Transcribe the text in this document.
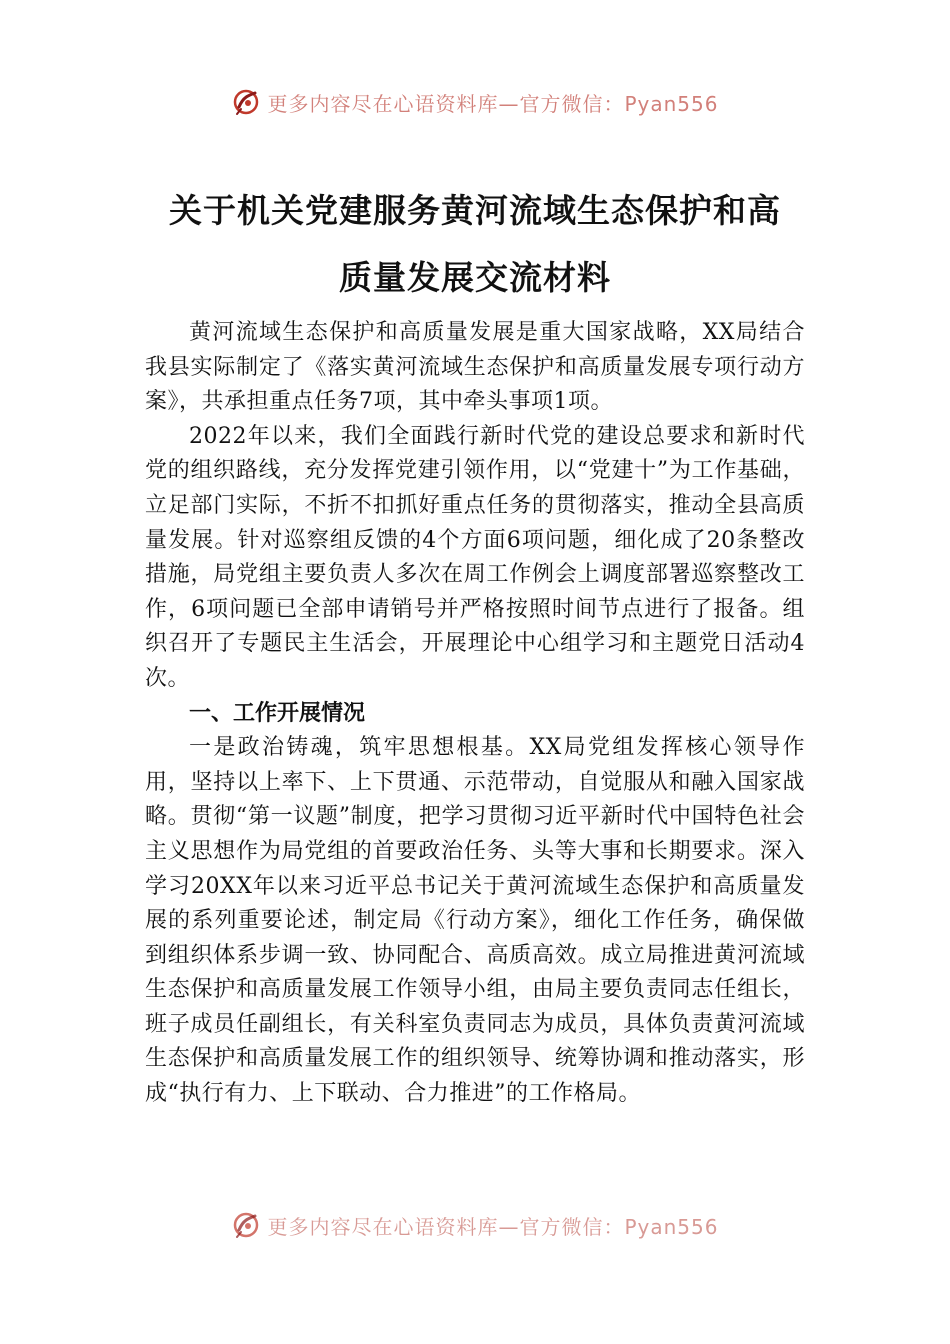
更多内容尽在心语资料库—官方微信：Pyan556
关于机关党建服务黄河流域生态保护和高
质量发展交流材料

黄河流域生态保护和高质量发展是重大国家战略，XX局结合我县实际制定了《落实黄河流域生态保护和高质量发展专项行动方案》，共承担重点任务7项，其中牵头事项1项。

2022年以来，我们全面践行新时代党的建设总要求和新时代党的组织路线，充分发挥党建引领作用，以“党建十”为工作基础，立足部门实际，不折不扣抓好重点任务的贯彻落实，推动全县高质量发展。针对巡察组反馈的4个方面6项问题，细化成了20条整改措施，局党组主要负责人多次在周工作例会上调度部署巡察整改工作，6项问题已全部申请销号并严格按照时间节点进行了报备。组织召开了专题民主生活会，开展理论中心组学习和主题党日活动4次。

一、工作开展情况

一是政治铸魂，筑牢思想根基。XX局党组发挥核心领导作用，坚持以上率下、上下贯通、示范带动，自觉服从和融入国家战略。贯彻“第一议题”制度，把学习贯彻习近平新时代中国特色社会主义思想作为局党组的首要政治任务、头等大事和长期要求。深入学习20XX年以来习近平总书记关于黄河流域生态保护和高质量发展的系列重要论述，制定局《行动方案》，细化工作任务，确保做到组织体系步调一致、协同配合、高质高效。成立局推进黄河流域生态保护和高质量发展工作领导小组，由局主要负责同志任组长，班子成员任副组长，有关科室负责同志为成员，具体负责黄河流域生态保护和高质量发展工作的组织领导、统筹协调和推动落实，形成“执行有力、上下联动、合力推进”的工作格局。

更多内容尽在心语资料库—官方微信：Pyan556
